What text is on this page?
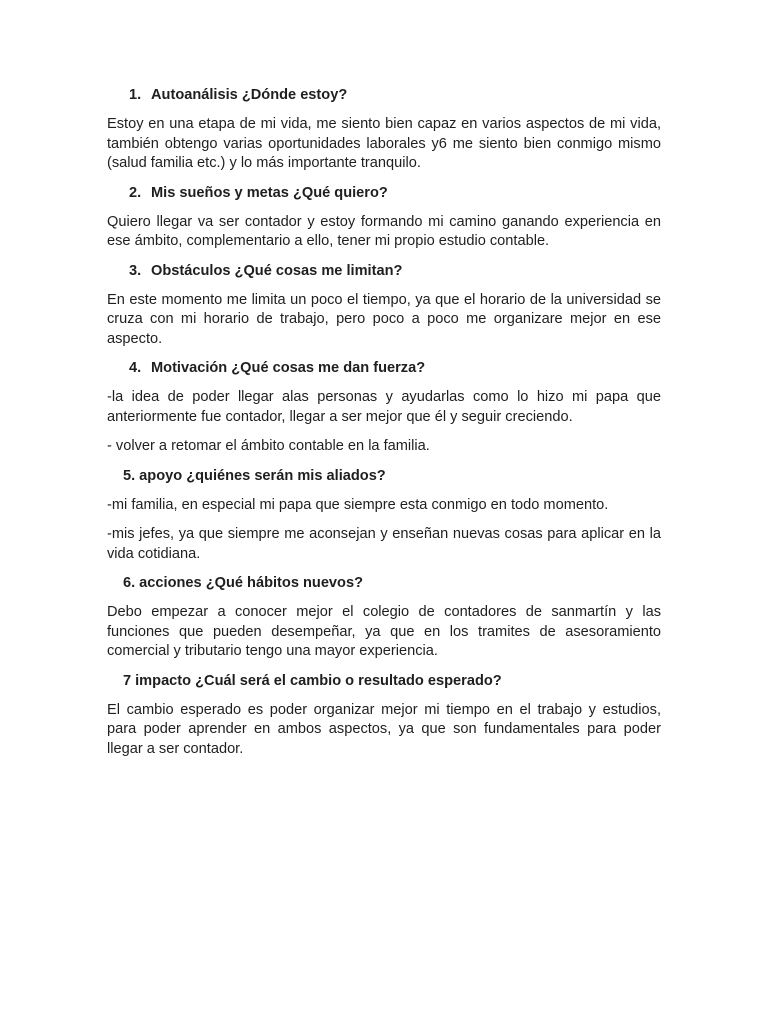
1. Autoanálisis ¿Dónde estoy?

Estoy en una etapa de mi vida, me siento bien capaz en varios aspectos de mi vida, también obtengo varias oportunidades laborales y6 me siento bien conmigo mismo (salud familia etc.) y lo más importante tranquilo.

2. Mis sueños y metas ¿Qué quiero?

Quiero llegar va ser contador y estoy formando mi camino ganando experiencia en ese ámbito, complementario a ello, tener mi propio estudio contable.

3. Obstáculos ¿Qué cosas me limitan?

En este momento me limita un poco el tiempo, ya que el horario de la universidad se cruza con mi horario de trabajo, pero poco a poco me organizare mejor en ese aspecto.

4. Motivación ¿Qué cosas me dan fuerza?

-la idea de poder llegar alas personas y ayudarlas como lo hizo mi papa que anteriormente fue contador, llegar a ser mejor que él y seguir creciendo.

- volver a retomar el ámbito contable en la familia.

5. apoyo ¿quiénes serán mis aliados?

-mi familia, en especial mi papa que siempre esta conmigo en todo momento.

-mis jefes, ya que siempre me aconsejan y enseñan nuevas cosas para aplicar en la vida cotidiana.

6. acciones ¿Qué hábitos nuevos?

Debo empezar a conocer mejor el colegio de contadores de sanmartín y las funciones que pueden desempeñar, ya que en los tramites de asesoramiento comercial y tributario tengo una mayor experiencia.

7 impacto ¿Cuál será el cambio o resultado esperado?

El cambio esperado es poder organizar mejor mi tiempo en el trabajo y estudios, para poder aprender en ambos aspectos, ya que son fundamentales para poder llegar a ser contador.
